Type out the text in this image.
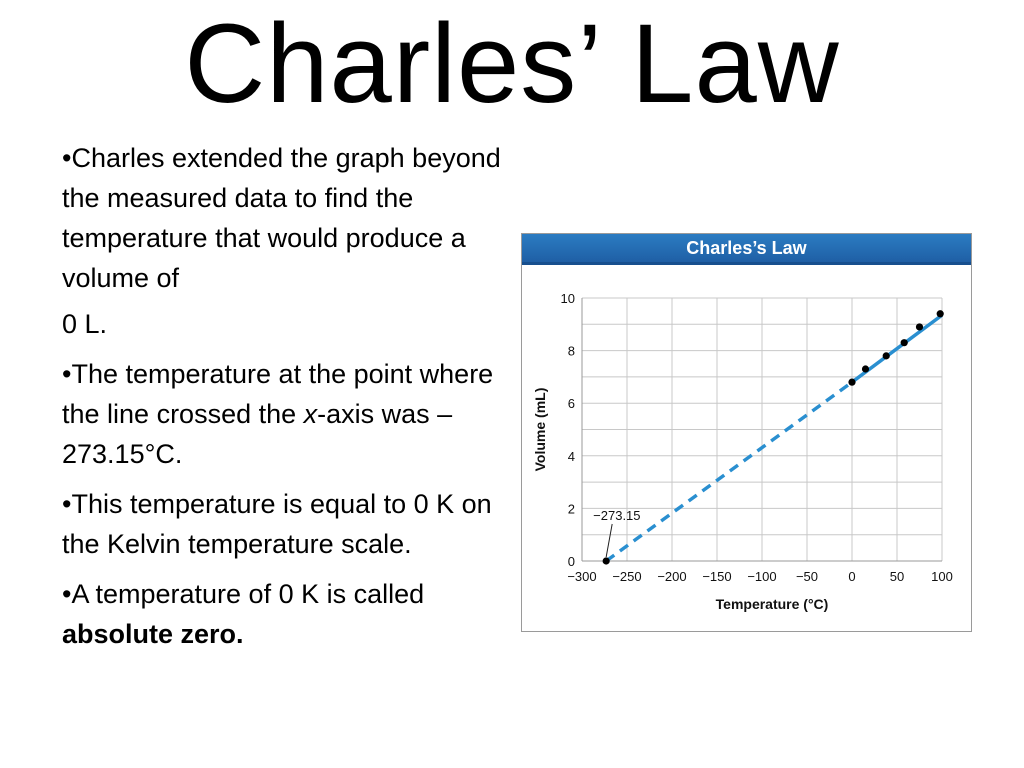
Charles’ Law

•Charles extended the graph beyond the measured data to find the temperature that would produce a volume of

0 L.

•The temperature at the point where the line crossed the x-axis was –273.15°C.

•This temperature is equal to 0 K on the Kelvin temperature scale.

•A temperature of 0 K is called absolute zero.

Charles’s Law
−300 −250 −200 −150 −100 −50 0	50 100
0
2
4
6
8
10
−273.15
Temperature (°C)
Volume (mL)
